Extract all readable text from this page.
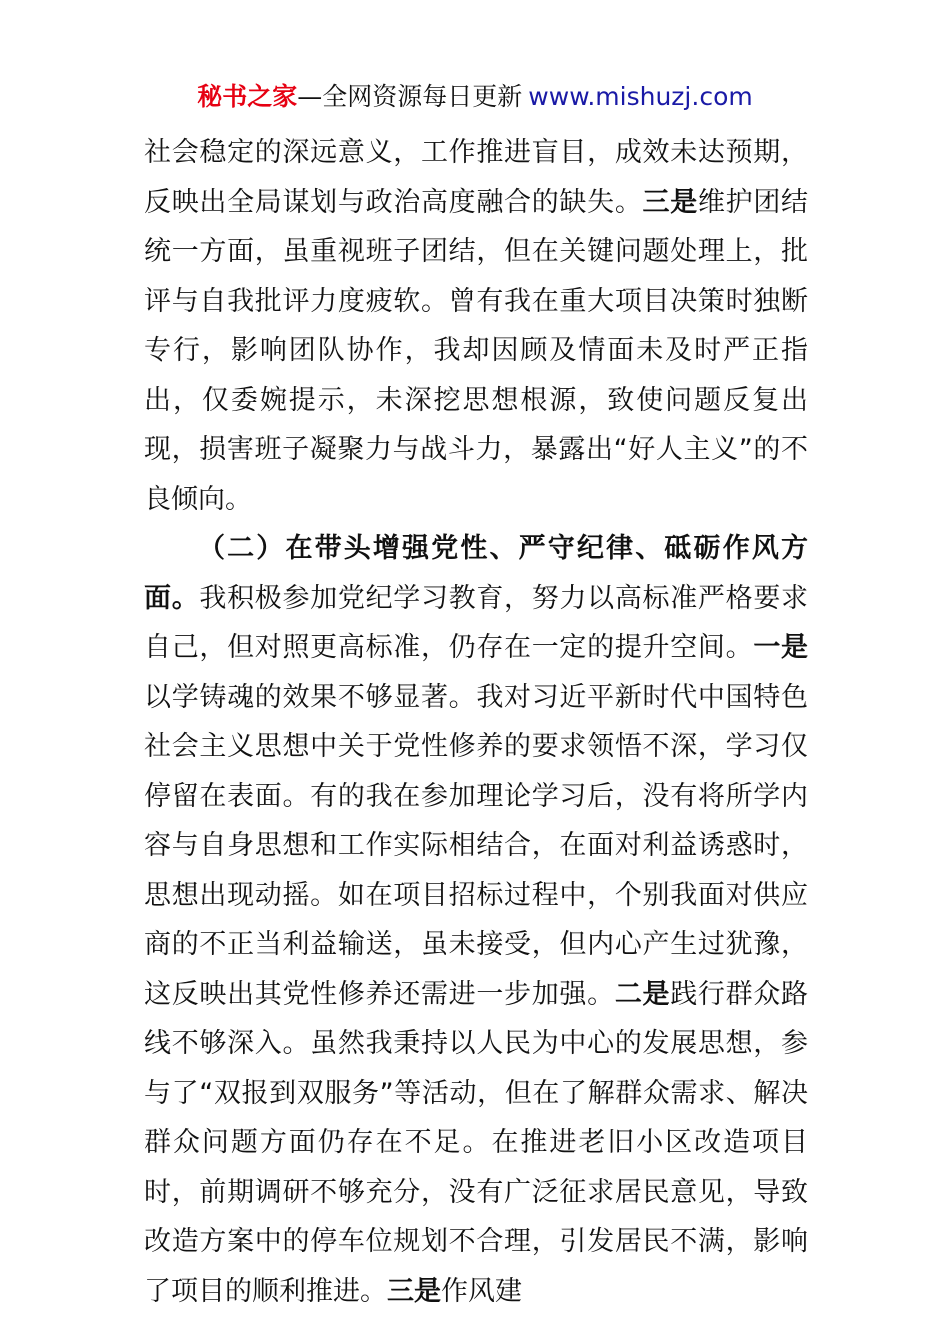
秘书之家—全网资源每日更新 www.mishuzj.com

社会稳定的深远意义，工作推进盲目，成效未达预期，反映出全局谋划与政治高度融合的缺失。三是维护团结统一方面，虽重视班子团结，但在关键问题处理上，批评与自我批评力度疲软。曾有我在重大项目决策时独断专行，影响团队协作，我却因顾及情面未及时严正指出，仅委婉提示，未深挖思想根源，致使问题反复出现，损害班子凝聚力与战斗力，暴露出“好人主义”的不良倾向。

（二）在带头增强党性、严守纪律、砥砺作风方面。我积极参加党纪学习教育，努力以高标准严格要求自己，但对照更高标准，仍存在一定的提升空间。一是以学铸魂的效果不够显著。我对习近平新时代中国特色社会主义思想中关于党性修养的要求领悟不深，学习仅停留在表面。有的我在参加理论学习后，没有将所学内容与自身思想和工作实际相结合，在面对利益诱惑时，思想出现动摇。如在项目招标过程中，个别我面对供应商的不正当利益输送，虽未接受，但内心产生过犹豫，这反映出其党性修养还需进一步加强。二是践行群众路线不够深入。虽然我秉持以人民为中心的发展思想，参与了“双报到双服务”等活动，但在了解群众需求、解决群众问题方面仍存在不足。在推进老旧小区改造项目时，前期调研不够充分，没有广泛征求居民意见，导致改造方案中的停车位规划不合理，引发居民不满，影响了项目的顺利推进。三是作风建
